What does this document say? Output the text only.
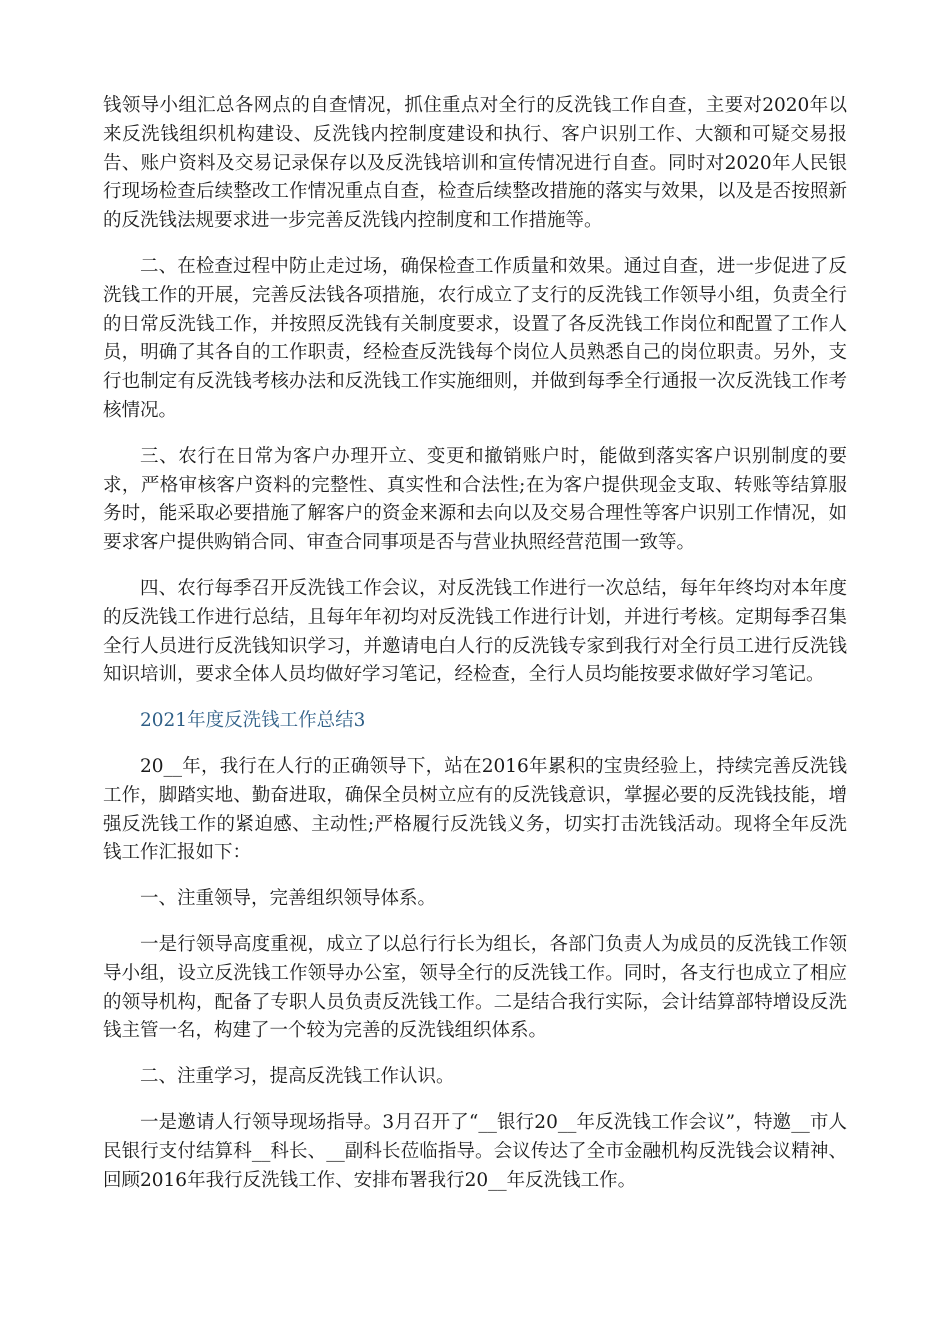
钱领导小组汇总各网点的自查情况，抓住重点对全行的反洗钱工作自查，主要对2020年以来反洗钱组织机构建设、反洗钱内控制度建设和执行、客户识别工作、大额和可疑交易报告、账户资料及交易记录保存以及反洗钱培训和宣传情况进行自查。同时对2020年人民银行现场检查后续整改工作情况重点自查，检查后续整改措施的落实与效果，以及是否按照新的反洗钱法规要求进一步完善反洗钱内控制度和工作措施等。

二、在检查过程中防止走过场，确保检查工作质量和效果。通过自查，进一步促进了反洗钱工作的开展，完善反法钱各项措施，农行成立了支行的反洗钱工作领导小组，负责全行的日常反洗钱工作，并按照反洗钱有关制度要求，设置了各反洗钱工作岗位和配置了工作人员，明确了其各自的工作职责，经检查反洗钱每个岗位人员熟悉自己的岗位职责。另外，支行也制定有反洗钱考核办法和反洗钱工作实施细则，并做到每季全行通报一次反洗钱工作考核情况。

三、农行在日常为客户办理开立、变更和撤销账户时，能做到落实客户识别制度的要求，严格审核客户资料的完整性、真实性和合法性;在为客户提供现金支取、转账等结算服务时，能采取必要措施了解客户的资金来源和去向以及交易合理性等客户识别工作情况，如要求客户提供购销合同、审查合同事项是否与营业执照经营范围一致等。

四、农行每季召开反洗钱工作会议，对反洗钱工作进行一次总结，每年年终均对本年度的反洗钱工作进行总结，且每年年初均对反洗钱工作进行计划，并进行考核。定期每季召集全行人员进行反洗钱知识学习，并邀请电白人行的反洗钱专家到我行对全行员工进行反洗钱知识培训，要求全体人员均做好学习笔记，经检查，全行人员均能按要求做好学习笔记。

2021年度反洗钱工作总结3

20__年，我行在人行的正确领导下，站在2016年累积的宝贵经验上，持续完善反洗钱工作，脚踏实地、勤奋进取，确保全员树立应有的反洗钱意识，掌握必要的反洗钱技能，增强反洗钱工作的紧迫感、主动性;严格履行反洗钱义务，切实打击洗钱活动。现将全年反洗钱工作汇报如下：

一、注重领导，完善组织领导体系。

一是行领导高度重视，成立了以总行行长为组长，各部门负责人为成员的反洗钱工作领导小组，设立反洗钱工作领导办公室，领导全行的反洗钱工作。同时，各支行也成立了相应的领导机构，配备了专职人员负责反洗钱工作。二是结合我行实际，会计结算部特增设反洗钱主管一名，构建了一个较为完善的反洗钱组织体系。

二、注重学习，提高反洗钱工作认识。

一是邀请人行领导现场指导。3月召开了“__银行20__年反洗钱工作会议”，特邀__市人民银行支付结算科__科长、__副科长莅临指导。会议传达了全市金融机构反洗钱会议精神、回顾2016年我行反洗钱工作、安排布署我行20__年反洗钱工作。
